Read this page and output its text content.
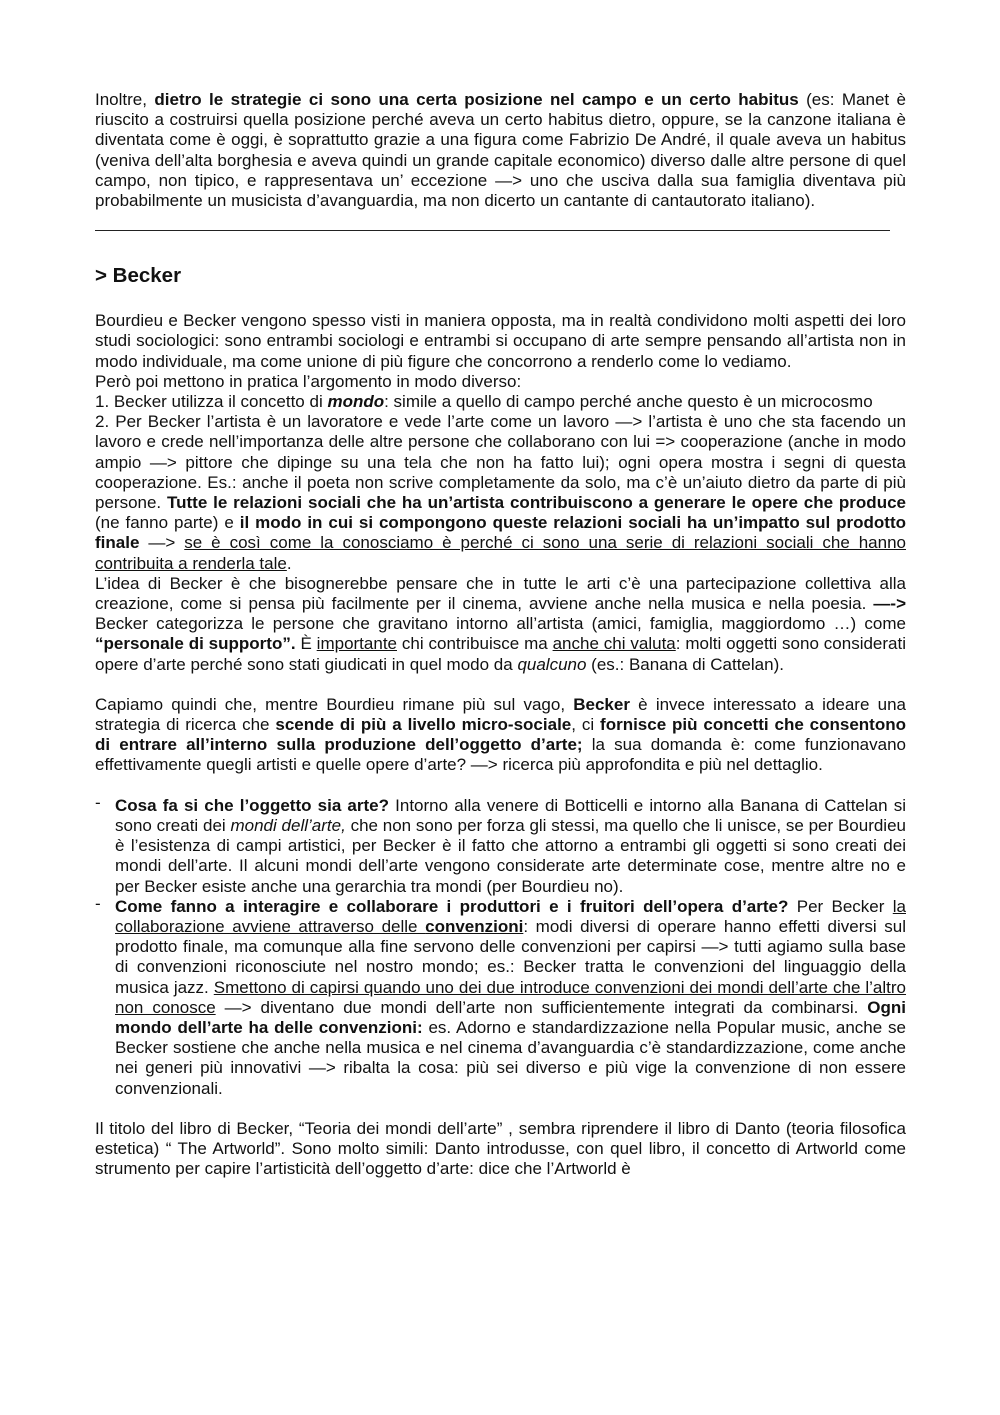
Inoltre, dietro le strategie ci sono una certa posizione nel campo e un certo habitus (es: Manet è riuscito a costruirsi quella posizione perché aveva un certo habitus dietro, oppure, se la canzone italiana è diventata come è oggi, è soprattutto grazie a una figura come Fabrizio De André, il quale aveva un habitus (veniva dell’alta borghesia e aveva quindi un grande capitale economico) diverso dalle altre persone di quel campo, non tipico, e rappresentava un’ eccezione —> uno che usciva dalla sua famiglia diventava più probabilmente un musicista d’avanguardia, ma non dicerto un cantante di cantautorato italiano).

> Becker

Bourdieu e Becker vengono spesso visti in maniera opposta, ma in realtà condividono molti aspetti dei loro studi sociologici: sono entrambi sociologi e entrambi si occupano di arte sempre pensando all’artista non in modo individuale, ma come unione di più figure che concorrono a renderlo come lo vediamo.

Però poi mettono in pratica l’argomento in modo diverso:

1. Becker utilizza il concetto di mondo: simile a quello di campo perché anche questo è un microcosmo

2. Per Becker l’artista è un lavoratore e vede l’arte come un lavoro —> l’artista è uno che sta facendo un lavoro e crede nell’importanza delle altre persone che collaborano con lui => cooperazione (anche in modo ampio —> pittore che dipinge su una tela che non ha fatto lui); ogni opera mostra i segni di questa cooperazione. Es.: anche il poeta non scrive completamente da solo, ma c’è un’aiuto dietro da parte di più persone. Tutte le relazioni sociali che ha un’artista contribuiscono a generare le opere che produce (ne fanno parte) e il modo in cui si compongono queste relazioni sociali ha un’impatto sul prodotto finale —> se è così come la conosciamo è perché ci sono una serie di relazioni sociali che hanno contribuita a renderla tale.

L’idea di Becker è che bisognerebbe pensare che in tutte le arti c’è una partecipazione collettiva alla creazione, come si pensa più facilmente per il cinema, avviene anche nella musica e nella poesia. —-> Becker categorizza le persone che gravitano intorno all’artista (amici, famiglia, maggiordomo …) come “personale di supporto”. È importante chi contribuisce ma anche chi valuta: molti oggetti sono considerati opere d’arte perché sono stati giudicati in quel modo da qualcuno (es.: Banana di Cattelan).

Capiamo quindi che, mentre Bourdieu rimane più sul vago, Becker è invece interessato a ideare una strategia di ricerca che scende di più a livello micro-sociale, ci fornisce più concetti che consentono di entrare all’interno sulla produzione dell’oggetto d’arte; la sua domanda è: come funzionavano effettivamente quegli artisti e quelle opere d’arte? —> ricerca più approfondita e più nel dettaglio.

- Cosa fa si che l’oggetto sia arte? Intorno alla venere di Botticelli e intorno alla Banana di Cattelan si sono creati dei mondi dell’arte, che non sono per forza gli stessi, ma quello che li unisce, se per Bourdieu è l’esistenza di campi artistici, per Becker è il fatto che attorno a entrambi gli oggetti si sono creati dei mondi dell’arte. Il alcuni mondi dell’arte vengono considerate arte determinate cose, mentre altre no e per Becker esiste anche una gerarchia tra mondi (per Bourdieu no).
- Come fanno a interagire e collaborare i produttori e i fruitori dell’opera d’arte? Per Becker la collaborazione avviene attraverso delle convenzioni: modi diversi di operare hanno effetti diversi sul prodotto finale, ma comunque alla fine servono delle convenzioni per capirsi —> tutti agiamo sulla base di convenzioni riconosciute nel nostro mondo; es.: Becker tratta le convenzioni del linguaggio della musica jazz. Smettono di capirsi quando uno dei due introduce convenzioni dei mondi dell’arte che l’altro non conosce —> diventano due mondi dell’arte non sufficientemente integrati da combinarsi. Ogni mondo dell’arte ha delle convenzioni: es. Adorno e standardizzazione nella Popular music, anche se Becker sostiene che anche nella musica e nel cinema d’avanguardia c’è standardizzazione, come anche nei generi più innovativi —> ribalta la cosa: più sei diverso e più vige la convenzione di non essere convenzionali.

Il titolo del libro di Becker, “Teoria dei mondi dell’arte” , sembra riprendere il libro di Danto (teoria filosofica estetica) “ The Artworld”. Sono molto simili: Danto introdusse, con quel libro, il concetto di Artworld come strumento per capire l’artisticità dell’oggetto d’arte: dice che l’Artworld è
